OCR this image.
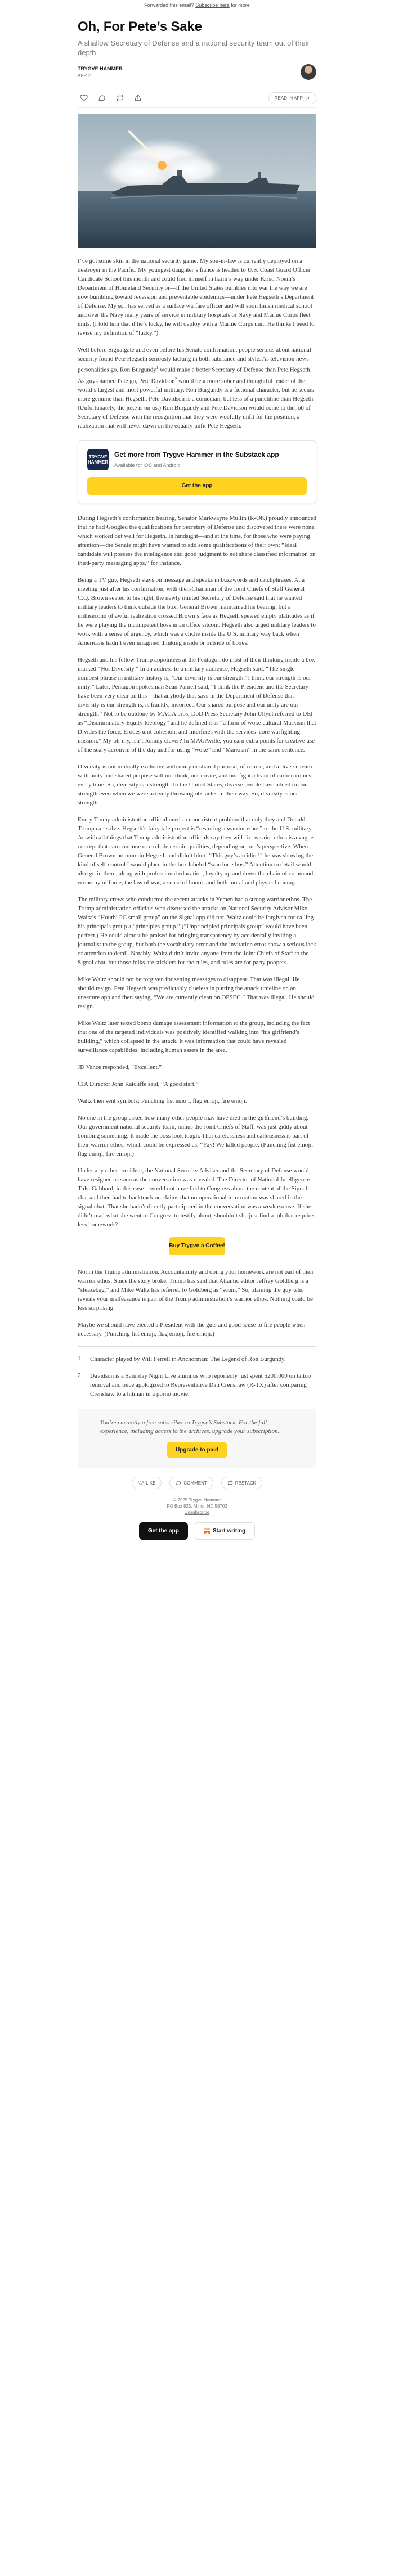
Forwarded this email? Subscribe here for more
Oh, For Pete’s Sake
A shallow Secretary of Defense and a national security team out of their depth.
TRYGVE HAMMER
APR 2
READ IN APP

I’ve got some skin in the national security game. My son-in-law is currently deployed on a destroyer in the Pacific. My youngest daughter’s fiancé is headed to U.S. Coast Guard Officer Candidate School this month and could find himself in harm’s way under Kristi Noem’s Department of Homeland Security or—if the United States bumbles into war the way we are now bumbling toward recession and preventable epidemics—under Pete Hegseth’s Department of Defense. My son has served as a surface warfare officer and will soon finish medical school and over the Navy many years of service in military hospitals or Navy and Marine Corps fleet units. (I told him that if he’s lucky, he will deploy with a Marine Corps unit. He thinks I need to revise my definition of “lucky.”)

Well before Signalgate and even before his Senate confirmation, people serious about national security found Pete Hegseth seriously lacking in both substance and style. As television news personalities go, Ron Burgundy$^1$ would make a better Secretary of Defense than Pete Hegseth. As guys named Pete go, Pete Davidson$^2$ would be a more sober and thoughtful leader of the world’s largest and most powerful military. Ron Burgundy is a fictional character, but he seems more genuine than Hegseth. Pete Davidson is a comedian, but less of a punchline than Hegseth. (Unfortunately, the joke is on us.) Ron Burgundy and Pete Davidson would come to the job of Secretary of Defense with the recognition that they were woefully unfit for the position, a realization that will never dawn on the equally unfit Pete Hegseth.

TRYGVE HAMMER
Get more from Trygve Hammer in the Substack app
Available for iOS and Android
Get the app

During Hegseth’s confirmation hearing, Senator Markwayne Mullin (R-OK) proudly announced that he had Googled the qualifications for Secretary of Defense and discovered there were none, which worked out well for Hegseth. In hindsight—and at the time, for those who were paying attention—the Senate might have wanted to add some qualifications of their own: “Ideal candidate will possess the intelligence and good judgment to not share classified information on third-party messaging apps,” for instance.

Being a TV guy, Hegseth stays on message and speaks in buzzwords and catchphrases. At a meeting just after his confirmation, with then-Chairman of the Joint Chiefs of Staff General C.Q. Brown seated to his right, the newly minted Secretary of Defense said that he wanted military leaders to think outside the box. General Brown maintained his bearing, but a millisecond of awful realization crossed Brown’s face as Hegseth spewed empty platitudes as if he were playing the incompetent boss in an office sitcom. Hegseth also urged military leaders to work with a sense of urgency, which was a cliché inside the U.S. military way back when Americans hadn’t even imagined thinking inside or outside of boxes.

Hegseth and his fellow Trump appointees at the Pentagon do most of their thinking inside a box marked “Not Diversity.” In an address to a military audience, Hegseth said, “The single dumbest phrase in military history is, ‘Our diversity is our strength.’ I think our strength is our unity.” Later, Pentagon spokesman Sean Parnell said, “I think the President and the Secretary have been very clear on this—that anybody that says in the Department of Defense that diversity is our strength is, is frankly, incorrect. Our shared purpose and our unity are our strength.” Not to be outdone by MAGA bros, DoD Press Secretary John Ullyot referred to DEI as “Discriminatory Equity Ideology” and he defined it as “a form of woke cultural Marxism that Divides the force, Erodes unit cohesion, and Interferes with the services’ core warfighting mission.” My-oh-my, isn’t Johnny clever? In MAGAville, you earn extra points for creative use of the scary acronym of the day and for using “woke” and “Marxism” in the same sentence.

Diversity is not mutually exclusive with unity or shared purpose, of course, and a diverse team with unity and shared purpose will out-think, out-create, and out-fight a team of carbon copies every time. So, diversity is a strength. In the United States, diverse people have added to our strength even when we were actively throwing obstacles in their way. So, diversity is our strength.

Every Trump administration official needs a nonexistent problem that only they and Donald Trump can solve. Hegseth’s fairy tale project is “restoring a warrior ethos” to the U.S. military. As with all things that Trump administration officials say they will fix, warrior ethos is a vague concept that can continue or exclude certain qualities, depending on one’s perspective. When General Brown no more in Hegseth and didn’t blurt, “This guy’s an idiot!” he was showing the kind of self-control I would place in the box labeled “warrior ethos.” Attention to detail would also go in there, along with professional education, loyalty up and down the chain of command, economy of force, the law of war, a sense of honor, and both moral and physical courage.

The military crews who conducted the recent attacks in Yemen had a strong warrior ethos. The Trump administration officials who discussed the attacks on National Security Advisor Mike Waltz’s “Houthi PC small group” on the Signal app did not. Waltz could be forgiven for calling his principals group a “principles group.” (“Unprincipled principals group” would have been perfect.) He could almost be praised for bringing transparency by accidentally inviting a journalist to the group, but both the vocabulary error and the invitation error show a serious lack of attention to detail. Notably, Waltz didn’t invite anyone from the Joint Chiefs of Staff to the Signal chat, but those folks are sticklers for the rules, and rules are for party poopers.

Mike Waltz should not be forgiven for setting messages to disappear. That was illegal. He should resign. Pete Hegseth was predictably clueless in putting the attack timeline on an unsecure app and then saying, “We are currently clean on OPSEC.” That was illegal. He should resign.

Mike Waltz later texted bomb damage assessment information to the group, including the fact that one of the targeted individuals was positively identified walking into “his girlfriend’s building,” which collapsed in the attack. It was information that could have revealed surveillance capabilities, including human assets in the area.

JD Vance responded, “Excellent.”

CIA Director John Ratcliffe said, “A good start.”

Waltz then sent symbols: Punching fist emoji, flag emoji, fire emoji.

No one in the group asked how many other people may have died in the girlfriend’s building. Our government national security team, minus the Joint Chiefs of Staff, was just giddy about bombing something. It made the boss look tough. That carelessness and callousness is part of their warrior ethos, which could be expressed as, “Yay! We killed people. (Punching fist emoji, flag emoji, fire emoji.)”

Under any other president, the National Security Adviser and the Secretary of Defense would have resigned as soon as the conversation was revealed. The Director of National Intelligence—Tulsi Gabbard, in this case—would not have lied to Congress about the content of the Signal chat and then had to backtrack on claims that no operational information was shared in the signal chat. That she hadn’t directly participated in the conversation was a weak excuse. If she didn’t read what she went to Congress to testify about, shouldn’t she just find a job that requires less homework?

Buy Trygve a Coffee!

Not in the Trump administration. Accountability and doing your homework are not part of their warrior ethos. Since the story broke, Trump has said that Atlantic editor Jeffrey Goldberg is a “sleazebag,” and Mike Waltz has referred to Goldberg as “scum.” So, blaming the guy who reveals your malfeasance is part of the Trump administration’s warrior ethos. Nothing could be less surprising.

Maybe we should have elected a President with the guts and good sense to fire people when necessary. (Punching fist emoji, flag emoji, fire emoji.)

1 Character played by Will Ferrell in Anchorman: The Legend of Ron Burgundy.
2 Davidson is a Saturday Night Live alumnus who reportedly just spent $200,000 on tattoo removal and once apologized to Representative Dan Crenshaw (R-TX) after comparing Crenshaw to a hitman in a porno movie.

You’re currently a free subscriber to Trygve’s Substack. For the full experience, including access to the archives, upgrade your subscription.

Upgrade to paid
LIKE	COMMENT	RESTACK
© 2025 Trygve Hammer
PO Box 825, Minot, ND 58702
Unsubscribe
Get the app	Start writing
